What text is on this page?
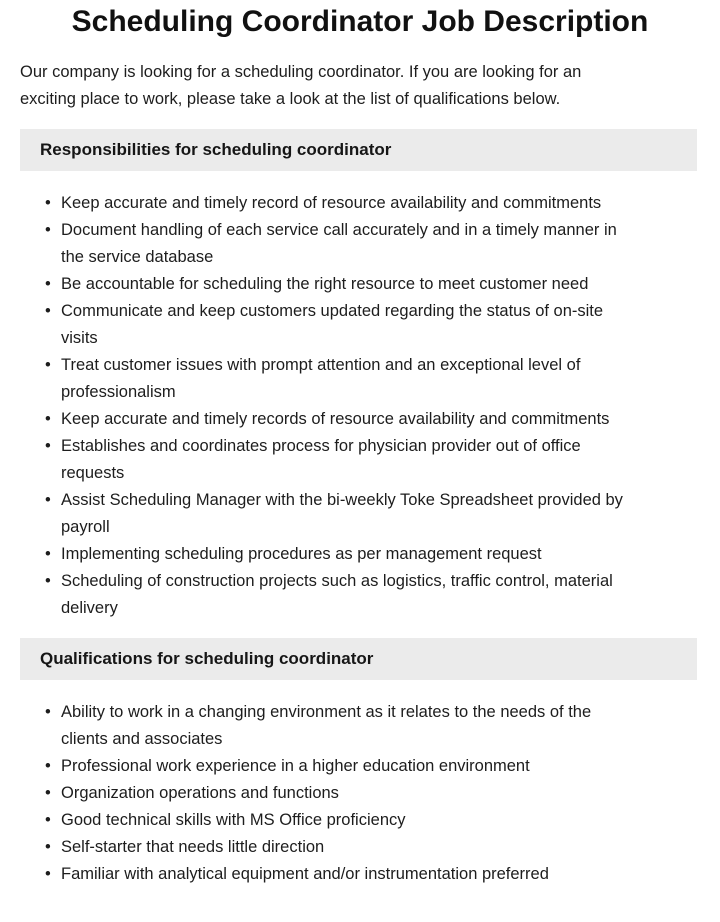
Scheduling Coordinator Job Description

Our company is looking for a scheduling coordinator. If you are looking for an exciting place to work, please take a look at the list of qualifications below.

Responsibilities for scheduling coordinator
• Keep accurate and timely record of resource availability and commitments
• Document handling of each service call accurately and in a timely manner in the service database
• Be accountable for scheduling the right resource to meet customer need
• Communicate and keep customers updated regarding the status of on-site visits
• Treat customer issues with prompt attention and an exceptional level of professionalism
• Keep accurate and timely records of resource availability and commitments
• Establishes and coordinates process for physician provider out of office requests
• Assist Scheduling Manager with the bi-weekly Toke Spreadsheet provided by payroll
• Implementing scheduling procedures as per management request
• Scheduling of construction projects such as logistics, traffic control, material delivery
Qualifications for scheduling coordinator
• Ability to work in a changing environment as it relates to the needs of the clients and associates
• Professional work experience in a higher education environment
• Organization operations and functions
• Good technical skills with MS Office proficiency
• Self-starter that needs little direction
• Familiar with analytical equipment and/or instrumentation preferred
